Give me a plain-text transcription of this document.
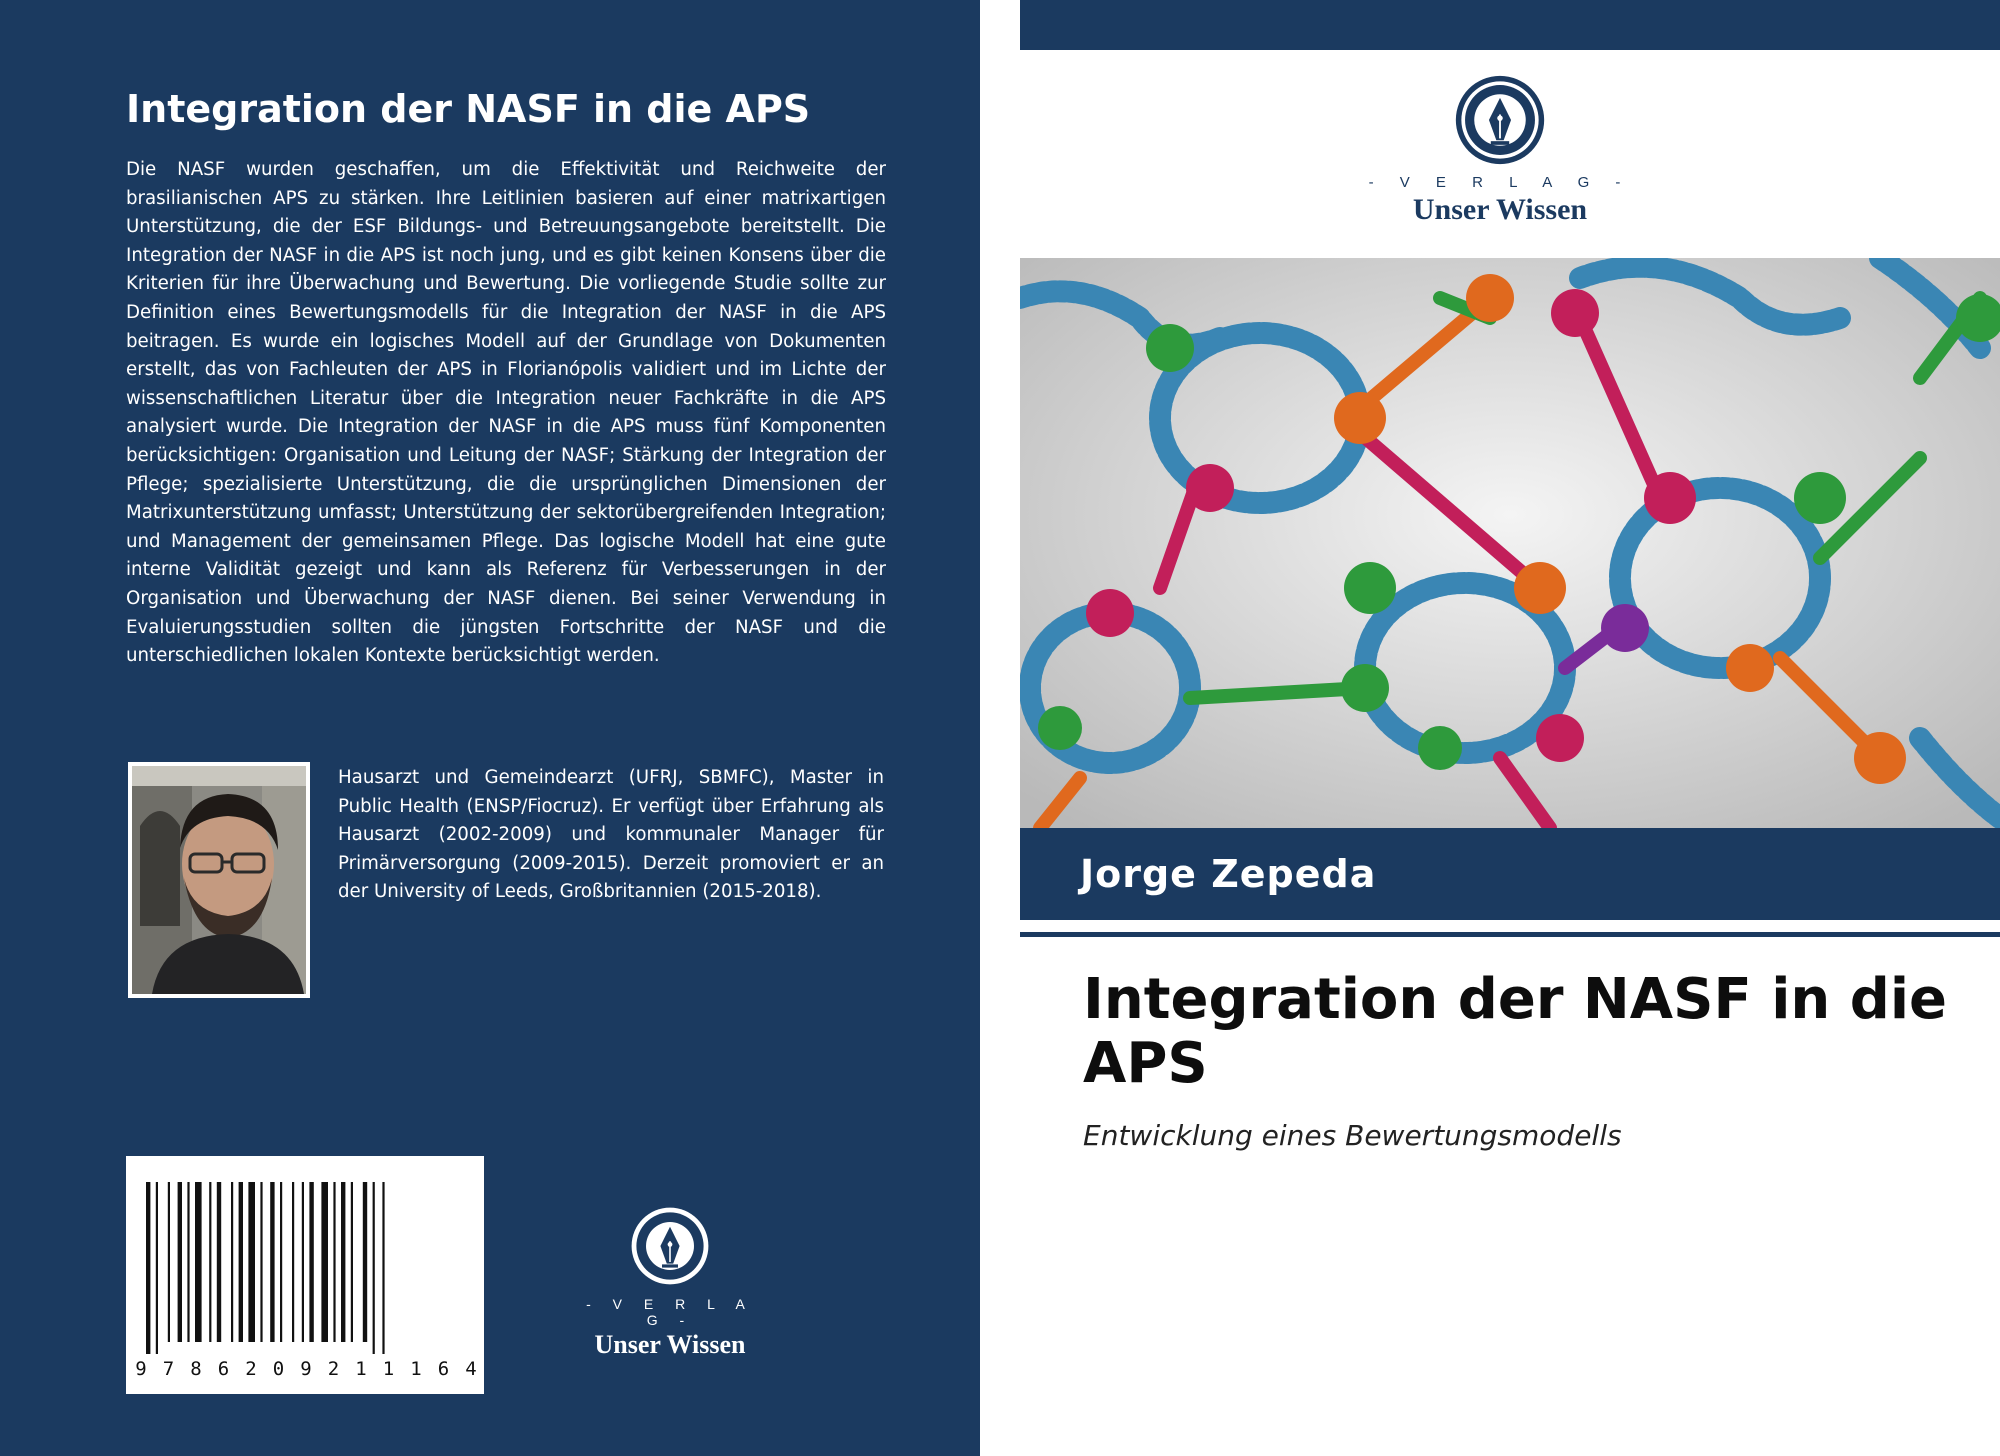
Integration der NASF in die APS

Die NASF wurden geschaffen, um die Effektivität und Reichweite der brasilianischen APS zu stärken. Ihre Leitlinien basieren auf einer matrixartigen Unterstützung, die der ESF Bildungs- und Betreuungsangebote bereitstellt. Die Integration der NASF in die APS ist noch jung, und es gibt keinen Konsens über die Kriterien für ihre Überwachung und Bewertung. Die vorliegende Studie sollte zur Definition eines Bewertungsmodells für die Integration der NASF in die APS beitragen. Es wurde ein logisches Modell auf der Grundlage von Dokumenten erstellt, das von Fachleuten der APS in Florianópolis validiert und im Lichte der wissenschaftlichen Literatur über die Integration neuer Fachkräfte in die APS analysiert wurde. Die Integration der NASF in die APS muss fünf Komponenten berücksichtigen: Organisation und Leitung der NASF; Stärkung der Integration der Pflege; spezialisierte Unterstützung, die die ursprünglichen Dimensionen der Matrixunterstützung umfasst; Unterstützung der sektorübergreifenden Integration; und Management der gemeinsamen Pflege. Das logische Modell hat eine gute interne Validität gezeigt und kann als Referenz für Verbesserungen in der Organisation und Überwachung der NASF dienen. Bei seiner Verwendung in Evaluierungsstudien sollten die jüngsten Fortschritte der NASF und die unterschiedlichen lokalen Kontexte berücksichtigt werden.

Hausarzt und Gemeindearzt (UFRJ, SBMFC), Master in Public Health (ENSP/Fiocruz). Er verfügt über Erfahrung als Hausarzt (2002-2009) und kommunaler Manager für Primärversorgung (2009-2015). Derzeit promoviert er an der University of Leeds, Großbritannien (2015-2018).

9 7 8 6 2 0 9 2 1 1 1 6 4
- V E R L A G -
Unser Wissen
- V E R L A G -
Unser Wissen
Jorge Zepeda
Integration der NASF in die APS

Entwicklung eines Bewertungsmodells
